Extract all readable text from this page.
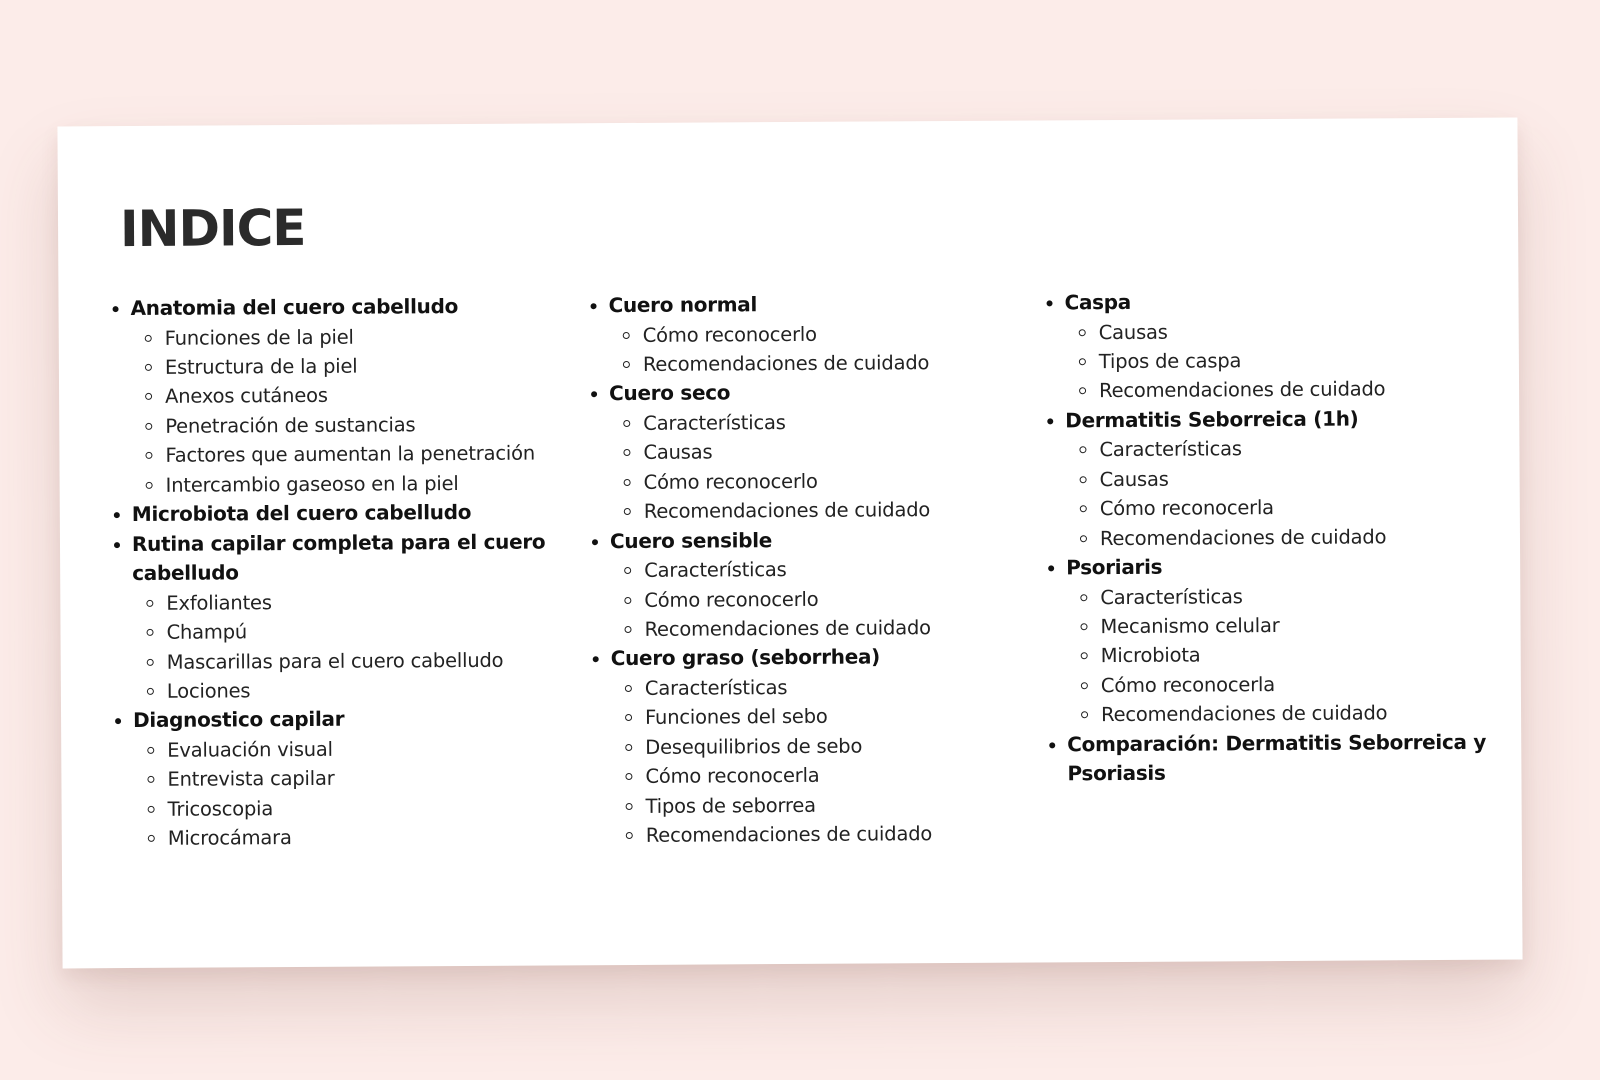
INDICE
Anatomia del cuero cabelludo
Funciones de la piel
Estructura de la piel
Anexos cutáneos
Penetración de sustancias
Factores que aumentan la penetración
Intercambio gaseoso en la piel
Microbiota del cuero cabelludo
Rutina capilar completa para el cuero cabelludo
Exfoliantes
Champú
Mascarillas para el cuero cabelludo
Lociones
Diagnostico capilar
Evaluación visual
Entrevista capilar
Tricoscopia
Microcámara
Cuero normal
Cómo reconocerlo
Recomendaciones de cuidado
Cuero seco
Características
Causas
Cómo reconocerlo
Recomendaciones de cuidado
Cuero sensible
Características
Cómo reconocerlo
Recomendaciones de cuidado
Cuero graso (seborrhea)
Características
Funciones del sebo
Desequilibrios de sebo
Cómo reconocerla
Tipos de seborrea
Recomendaciones de cuidado
Caspa
Causas
Tipos de caspa
Recomendaciones de cuidado
Dermatitis Seborreica (1h)
Características
Causas
Cómo reconocerla
Recomendaciones de cuidado
Psoriaris
Características
Mecanismo celular
Microbiota
Cómo reconocerla
Recomendaciones de cuidado
Comparación: Dermatitis Seborreica y Psoriasis
